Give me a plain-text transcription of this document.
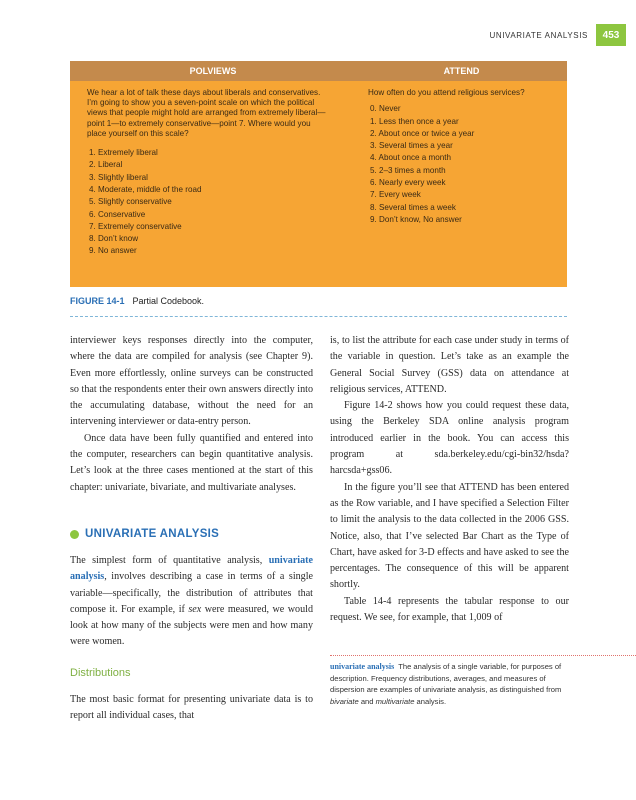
UNIVARIATE ANALYSIS	453
POLVIEWS	ATTEND
We hear a lot of talk these days about liberals and conservatives. I’m going to show you a seven-point scale on which the political views that people might hold are arranged from extremely liberal—point 1—to extremely conservative—point 7. Where would you place yourself on this scale?
1. Extremely liberal
2. Liberal
3. Slightly liberal
4. Moderate, middle of the road
5. Slightly conservative
6. Conservative
7. Extremely conservative
8. Don’t know
9. No answer
How often do you attend religious services?
0. Never
1. Less then once a year
2. About once or twice a year
3. Several times a year
4. About once a month
5. 2–3 times a month
6. Nearly every week
7. Every week
8. Several times a week
9. Don’t know, No answer
FIGURE 14-1 Partial Codebook.

interviewer keys responses directly into the computer, where the data are compiled for analysis (see Chapter 9). Even more effortlessly, online surveys can be constructed so that the respondents enter their own answers directly into the accumulating database, without the need for an intervening interviewer or data-entry person.

Once data have been fully quantified and entered into the computer, researchers can begin quantitative analysis. Let’s look at the three cases mentioned at the start of this chapter: univariate, bivariate, and multivariate analyses.

UNIVARIATE ANALYSIS

The simplest form of quantitative analysis, univariate analysis, involves describing a case in terms of a single variable—specifically, the distribution of attributes that compose it. For example, if sex were measured, we would look at how many of the subjects were men and how many were women.

Distributions

The most basic format for presenting univariate data is to report all individual cases, that

is, to list the attribute for each case under study in terms of the variable in question. Let’s take as an example the General Social Survey (GSS) data on attendance at religious services, ATTEND.

Figure 14-2 shows how you could request these data, using the Berkeley SDA online analysis program introduced earlier in the book. You can access this program at sda.berkeley.edu/cgi-bin32/hsda?harcsda+gss06.

In the figure you’ll see that ATTEND has been entered as the Row variable, and I have specified a Selection Filter to limit the analysis to the data collected in the 2006 GSS. Notice, also, that I’ve selected Bar Chart as the Type of Chart, have asked for 3-D effects and have asked to see the percentages. The consequence of this will be apparent shortly.

Table 14-4 represents the tabular response to our request. We see, for example, that 1,009 of

univariate analysis The analysis of a single variable, for purposes of description. Frequency distributions, averages, and measures of dispersion are examples of univariate analysis, as distinguished from bivariate and multivariate analysis.
